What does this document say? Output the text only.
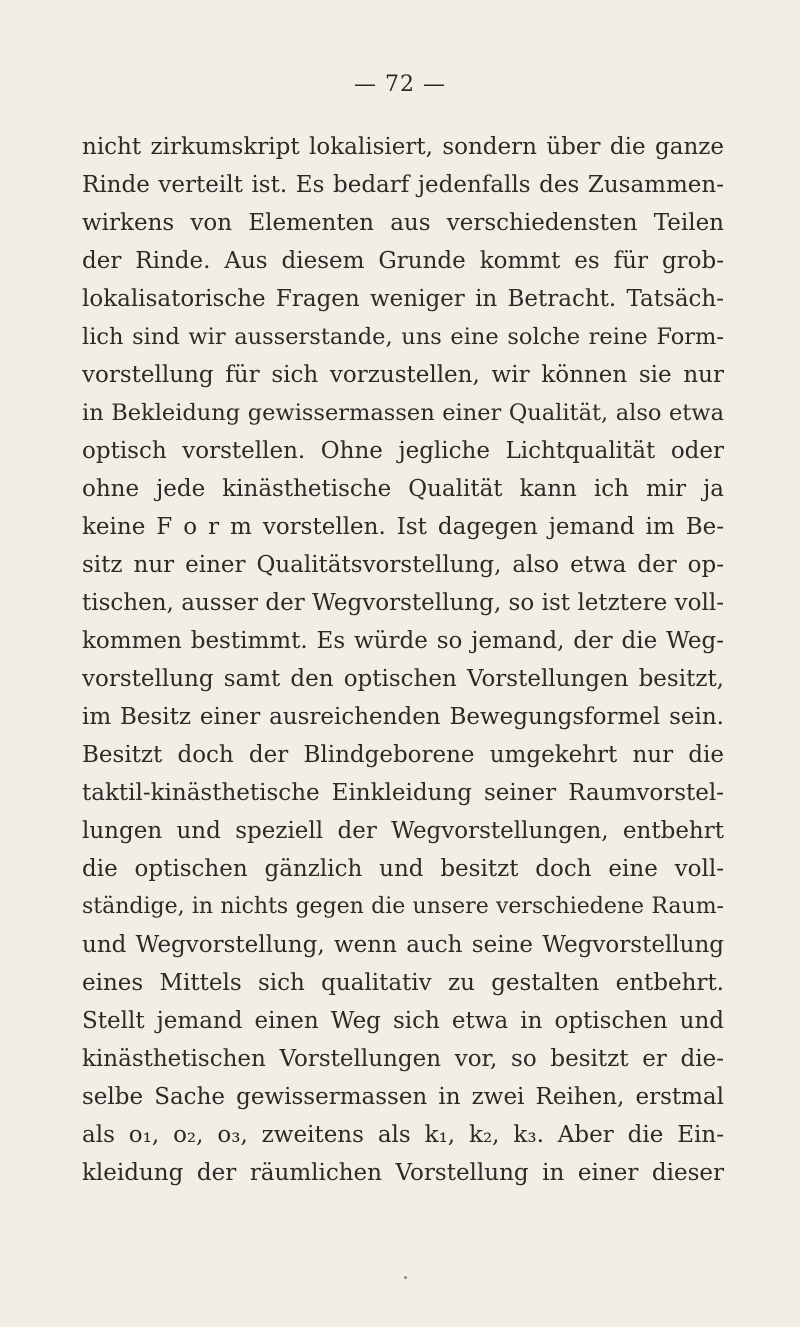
— 72 —
nicht zirkumskript lokalisiert, sondern über die ganze
Rinde verteilt ist. Es bedarf jedenfalls des Zusammen-
wirkens von Elementen aus verschiedensten Teilen
der Rinde. Aus diesem Grunde kommt es für grob-
lokalisatorische Fragen weniger in Betracht. Tatsäch-
lich sind wir ausserstande, uns eine solche reine Form-
vorstellung für sich vorzustellen, wir können sie nur
in Bekleidung gewissermassen einer Qualität, also etwa
optisch vorstellen. Ohne jegliche Lichtqualität oder
ohne jede kinästhetische Qualität kann ich mir ja
keine F o r m vorstellen. Ist dagegen jemand im Be-
sitz nur einer Qualitätsvorstellung, also etwa der op-
tischen, ausser der Wegvorstellung, so ist letztere voll-
kommen bestimmt. Es würde so jemand, der die Weg-
vorstellung samt den optischen Vorstellungen besitzt,
im Besitz einer ausreichenden Bewegungsformel sein.
Besitzt doch der Blindgeborene umgekehrt nur die
taktil-kinästhetische Einkleidung seiner Raumvorstel-
lungen und speziell der Wegvorstellungen, entbehrt
die optischen gänzlich und besitzt doch eine voll-
ständige, in nichts gegen die unsere verschiedene Raum-
und Wegvorstellung, wenn auch seine Wegvorstellung
eines Mittels sich qualitativ zu gestalten entbehrt.
Stellt jemand einen Weg sich etwa in optischen und
kinästhetischen Vorstellungen vor, so besitzt er die-
selbe Sache gewissermassen in zwei Reihen, erstmal
als o₁, o₂, o₃, zweitens als k₁, k₂, k₃. Aber die Ein-
kleidung der räumlichen Vorstellung in einer dieser
